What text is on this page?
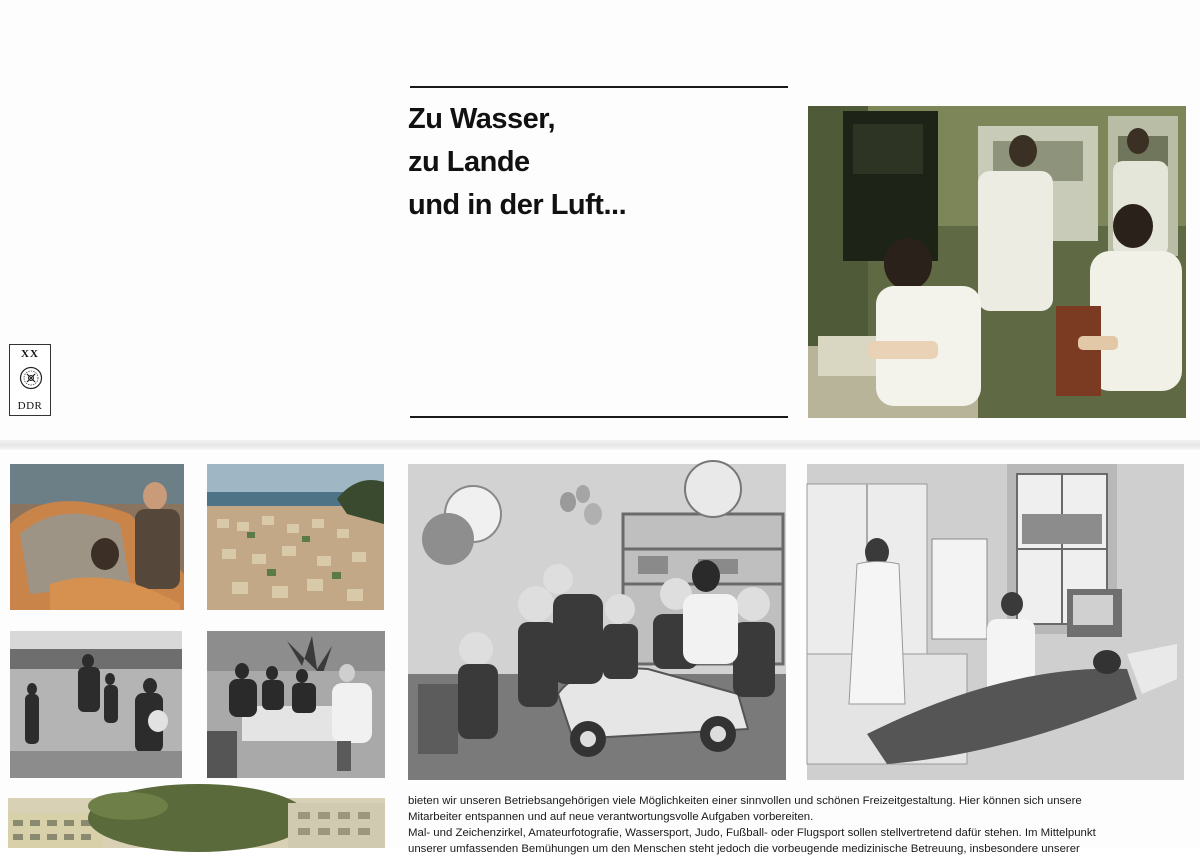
Zu Wasser,
zu Lande
und in der Luft...
XX
DDR

bieten wir unseren Betriebsangehörigen viele Möglichkeiten einer sinnvollen und schönen Freizeitgestaltung. Hier können sich unsere
Mitarbeiter entspannen und auf neue verantwortungsvolle Aufgaben vorbereiten.
Mal- und Zeichenzirkel, Amateurfotografie, Wassersport, Judo, Fußball- oder Flugsport sollen stellvertretend dafür stehen. Im Mittelpunkt
unserer umfassenden Bemühungen um den Menschen steht jedoch die vorbeugende medizinische Betreuung, insbesondere unserer
